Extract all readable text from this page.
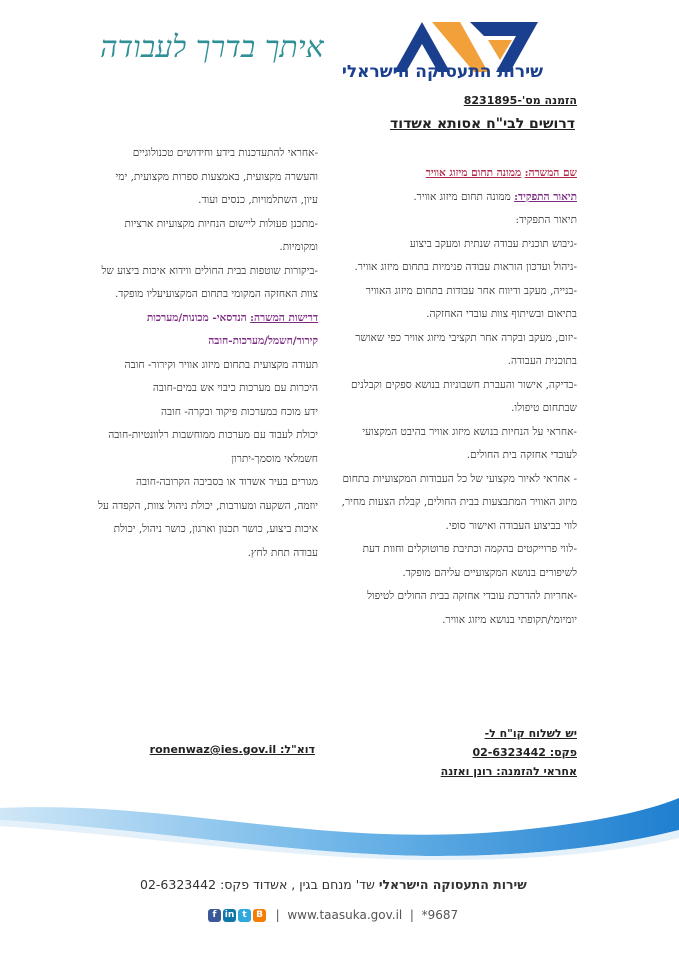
שירות התעסוקה הישראלי
איתך בדרך לעבודה
הזמנה מס'-8231895
דרושים לבי"ח אסותא אשדוד

שם המשרה: ממונה תחום מיזוג אוויר

תיאור התפקיד: ממונה תחום מיזוג אוויר.

תיאור התפקיד:

-גיבוש תוכנית עבודה שנתית ומעקב ביצוע

-ניהול ועדכון הוראות עבודה פנימיות בתחום מיזוג אוויר.

-בנייה, מעקב ודיווח אחר עבודות בתחום מיזוג האוויר בתיאום ובשיתוף צוות עובדי האחזקה.

-יזום, מעקב ובקרה אחר תקציבי מיזוג אוויר כפי שאושר בתוכנית העבודה.

-בדיקה, אישור והעברת חשבוניות בנושא ספקים וקבלנים שבתחום טיפולו.

-אחראי על הנחיות בנושא מיזוג אוויר בהיבט המקצועי לעובדי אחזקה בית החולים.

- אחראי לאיור מקצועי של כל העבודות המקצועיות בתחום מיזוג האוויר המתבצעות בבית החולים, קבלת הצעות מחיר, לווי בביצוע העבודה ואישור סופי.

-לווי פרוייקטים בהקמה וכתיבת פרוטוקלים וחוות דעת לשיפורים בנושא המקצועיים עליהם מופקד.

-אחריות להדרכת עובדי אחזקה בבית החולים לטיפול יומיומי/תקופתי בנושא מיזוג אוויר.

-אחראי להתעדכנות בידע וחידושים טכנולוגיים והעשרה מקצועית, באמצעות ספרות מקצועית, ימי עיון, השתלמויות, כנסים ועוד.

-מתכנן פעולות ליישום הנחיות מקצועיות ארציות ומקומיות.

-ביקורות שוטפות בבית החולים ווידוא איכות ביצוע של צוות האחזקה המקומי בתחום המקצועיעליו מופקד.

דרישות המשרה: הנדסאי- מכונות/מערכות קירור/חשמל/מערכות-חובה

תעודה מקצועית בתחום מיזוג אוויר וקירור- חובה

היכרות עם מערכות כיבוי אש במים-חובה

ידע מוכח במערכות פיקוד ובקרה- חובה

יכולת לעבוד עם מערכות ממוחשבות רלוונטיות-חובה

חשמלאי מוסמך-יתרון

מגורים בעיר אשדוד או בסביבה הקרובה-חובה

יוזמה, השקעה ומעורבות, יכולת ניהול צוות, הקפדה על איכות ביצוע, כושר תכנון וארגון, כושר ניהול, יכולת עבודה תחת לחץ.

יש לשלוח קו"ח ל-

פקס: 02-6323442

אחראי להזמנה: רונן ואזנה

דוא"ל: ronenwaz@ies.gov.il
שירות התעסוקה הישראלי שד' מנחם בגין , אשדוד פקס: 02-6323442
f in t B  |  www.taasuka.gov.il  |  *9687
